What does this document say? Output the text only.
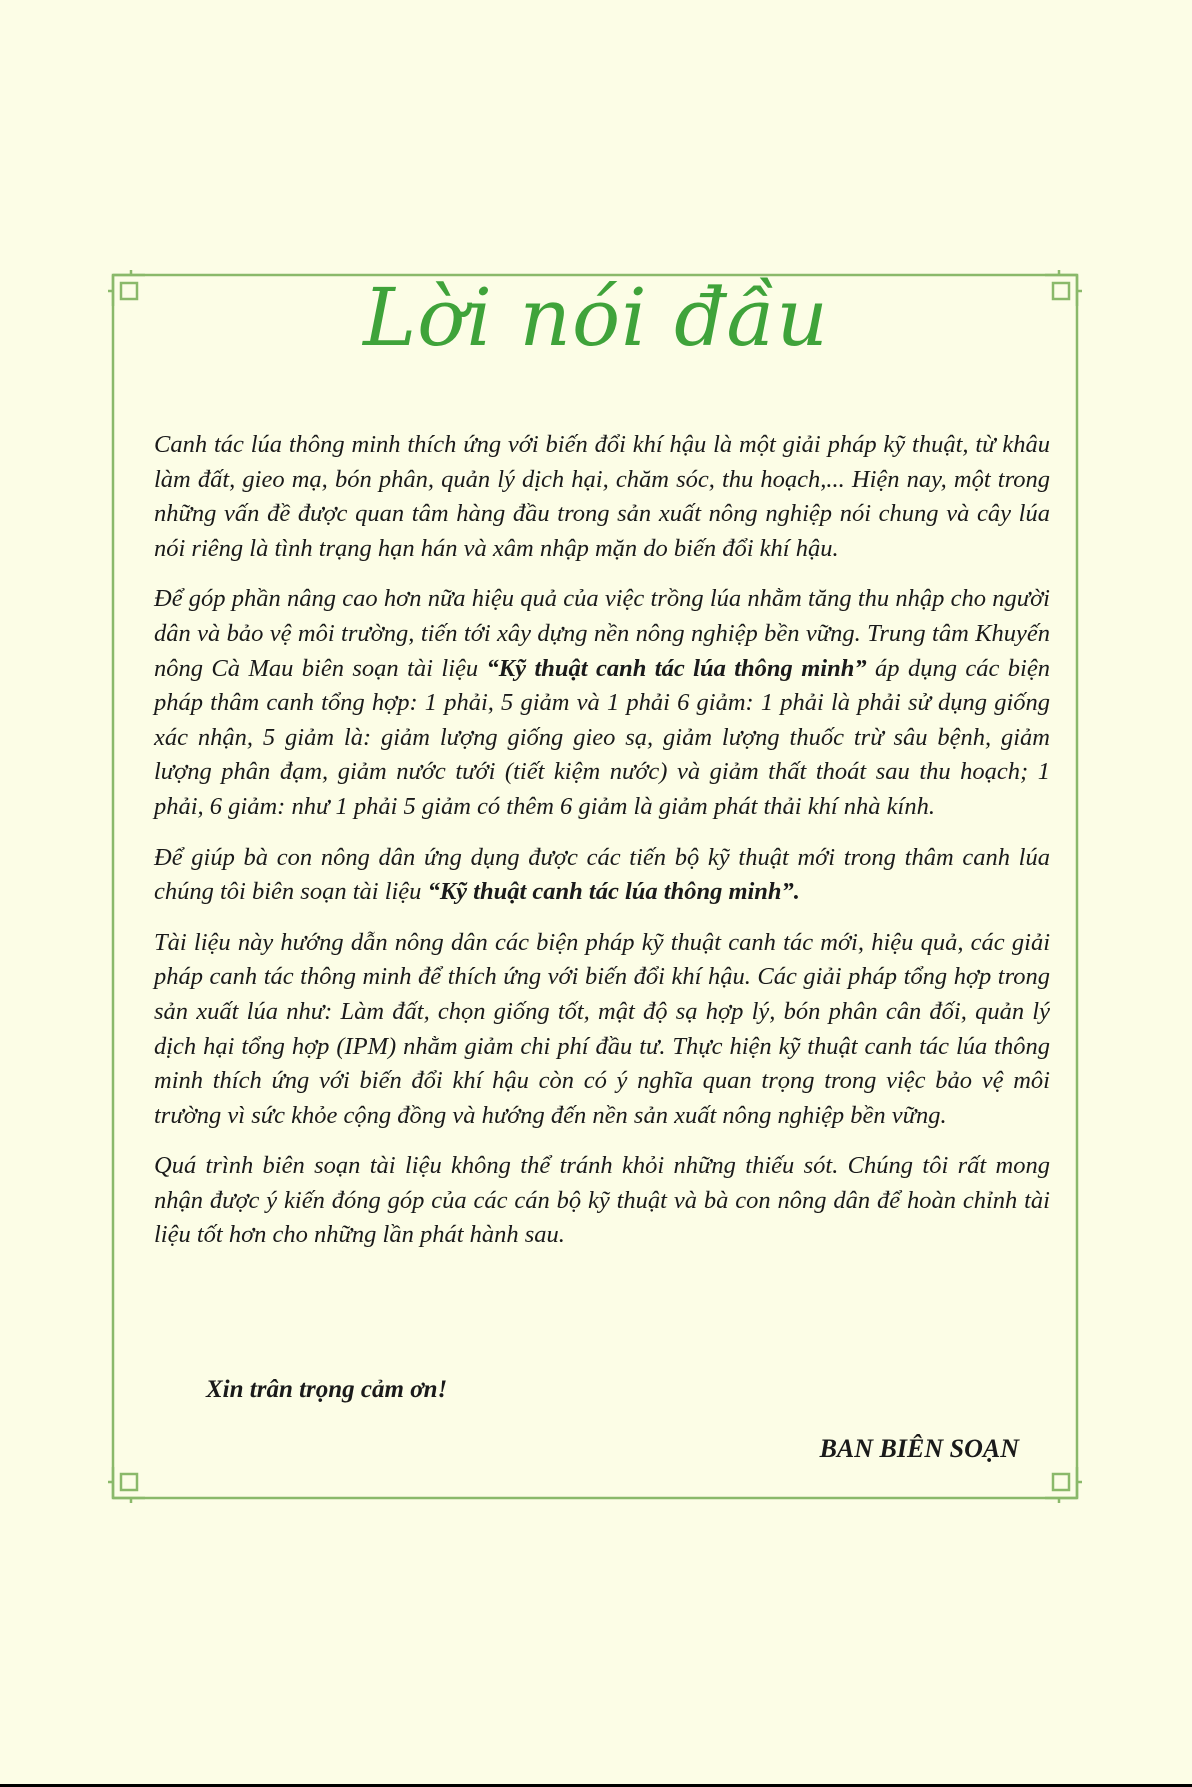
Lời nói đầu

Canh tác lúa thông minh thích ứng với biến đổi khí hậu là một giải pháp kỹ thuật, từ khâu làm đất, gieo mạ, bón phân, quản lý dịch hại, chăm sóc, thu hoạch,... Hiện nay, một trong những vấn đề được quan tâm hàng đầu trong sản xuất nông nghiệp nói chung và cây lúa nói riêng là tình trạng hạn hán và xâm nhập mặn do biến đổi khí hậu.

Để góp phần nâng cao hơn nữa hiệu quả của việc trồng lúa nhằm tăng thu nhập cho người dân và bảo vệ môi trường, tiến tới xây dựng nền nông nghiệp bền vững. Trung tâm Khuyến nông Cà Mau biên soạn tài liệu “Kỹ thuật canh tác lúa thông minh” áp dụng các biện pháp thâm canh tổng hợp: 1 phải, 5 giảm và 1 phải 6 giảm: 1 phải là phải sử dụng giống xác nhận, 5 giảm là: giảm lượng giống gieo sạ, giảm lượng thuốc trừ sâu bệnh, giảm lượng phân đạm, giảm nước tưới (tiết kiệm nước) và giảm thất thoát sau thu hoạch; 1 phải, 6 giảm: như 1 phải 5 giảm có thêm 6 giảm là giảm phát thải khí nhà kính.

Để giúp bà con nông dân ứng dụng được các tiến bộ kỹ thuật mới trong thâm canh lúa chúng tôi biên soạn tài liệu “Kỹ thuật canh tác lúa thông minh”.

Tài liệu này hướng dẫn nông dân các biện pháp kỹ thuật canh tác mới, hiệu quả, các giải pháp canh tác thông minh để thích ứng với biến đổi khí hậu. Các giải pháp tổng hợp trong sản xuất lúa như: Làm đất, chọn giống tốt, mật độ sạ hợp lý, bón phân cân đối, quản lý dịch hại tổng hợp (IPM) nhằm giảm chi phí đầu tư. Thực hiện kỹ thuật canh tác lúa thông minh thích ứng với biến đổi khí hậu còn có ý nghĩa quan trọng trong việc bảo vệ môi trường vì sức khỏe cộng đồng và hướng đến nền sản xuất nông nghiệp bền vững.

Quá trình biên soạn tài liệu không thể tránh khỏi những thiếu sót. Chúng tôi rất mong nhận được ý kiến đóng góp của các cán bộ kỹ thuật và bà con nông dân để hoàn chỉnh tài liệu tốt hơn cho những lần phát hành sau.

Xin trân trọng cảm ơn!
BAN BIÊN SOẠN
